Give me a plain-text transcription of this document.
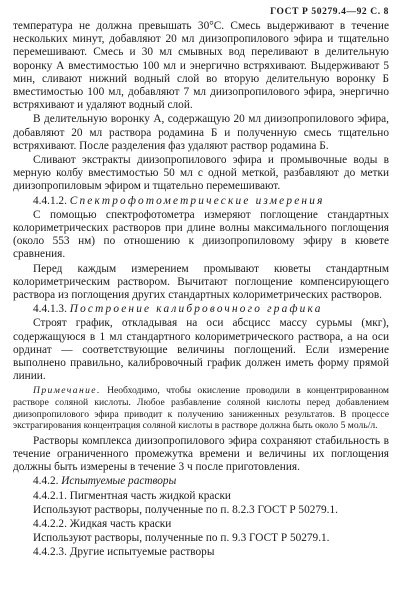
ГОСТ Р 50279.4—92 С. 8

температура не должна превышать 30°С. Смесь выдерживают в течение нескольких минут, добавляют 20 мл диизопропилового эфира и тщательно перемешивают. Смесь и 30 мл смывных вод переливают в делительную воронку А вместимостью 100 мл и энергично встряхивают. Выдерживают 5 мин, сливают нижний водный слой во вторую делительную воронку Б вместимостью 100 мл, добавляют 7 мл диизопропилового эфира, энергично встряхивают и удаляют водный слой.

В делительную воронку А, содержащую 20 мл диизопропилового эфира, добавляют 20 мл раствора родамина Б и полученную смесь тщательно встряхивают. После разделения фаз удаляют раствор родамина Б.

Сливают экстракты диизопропилового эфира и промывочные воды в мерную колбу вместимостью 50 мл с одной меткой, разбавляют до метки диизопропиловым эфиром и тщательно перемешивают.

4.4.1.2. Спектрофотометрические измерения

С помощью спектрофотометра измеряют поглощение стандартных колориметрических растворов при длине волны максимального поглощения (около 553 нм) по отношению к диизопропиловому эфиру в кювете сравнения.

Перед каждым измерением промывают кюветы стандартным колориметрическим раствором. Вычитают поглощение компенсирующего раствора из поглощения других стандартных колориметрических растворов.

4.4.1.3. Построение калибровочного графика

Строят график, откладывая на оси абсцисс массу сурьмы (мкг), содержащуюся в 1 мл стандартного колориметрического раствора, а на оси ординат — соответствующие величины поглощений. Если измерение выполнено правильно, калибровочный график должен иметь форму прямой линии.

Примечание. Необходимо, чтобы окисление проводили в концентрированном растворе соляной кислоты. Любое разбавление соляной кислоты перед добавлением диизопропилового эфира приводит к получению заниженных результатов. В процессе экстрагирования концентрация соляной кислоты в растворе должна быть около 5 моль/л.

Растворы комплекса диизопропилового эфира сохраняют стабильность в течение ограниченного промежутка времени и величины их поглощения должны быть измерены в течение 3 ч после приготовления.

4.4.2. Испытуемые растворы

4.4.2.1. Пигментная часть жидкой краски

Используют растворы, полученные по п. 8.2.3 ГОСТ Р 50279.1.

4.4.2.2. Жидкая часть краски

Используют растворы, полученные по п. 9.3 ГОСТ Р 50279.1.

4.4.2.3. Другие испытуемые растворы
